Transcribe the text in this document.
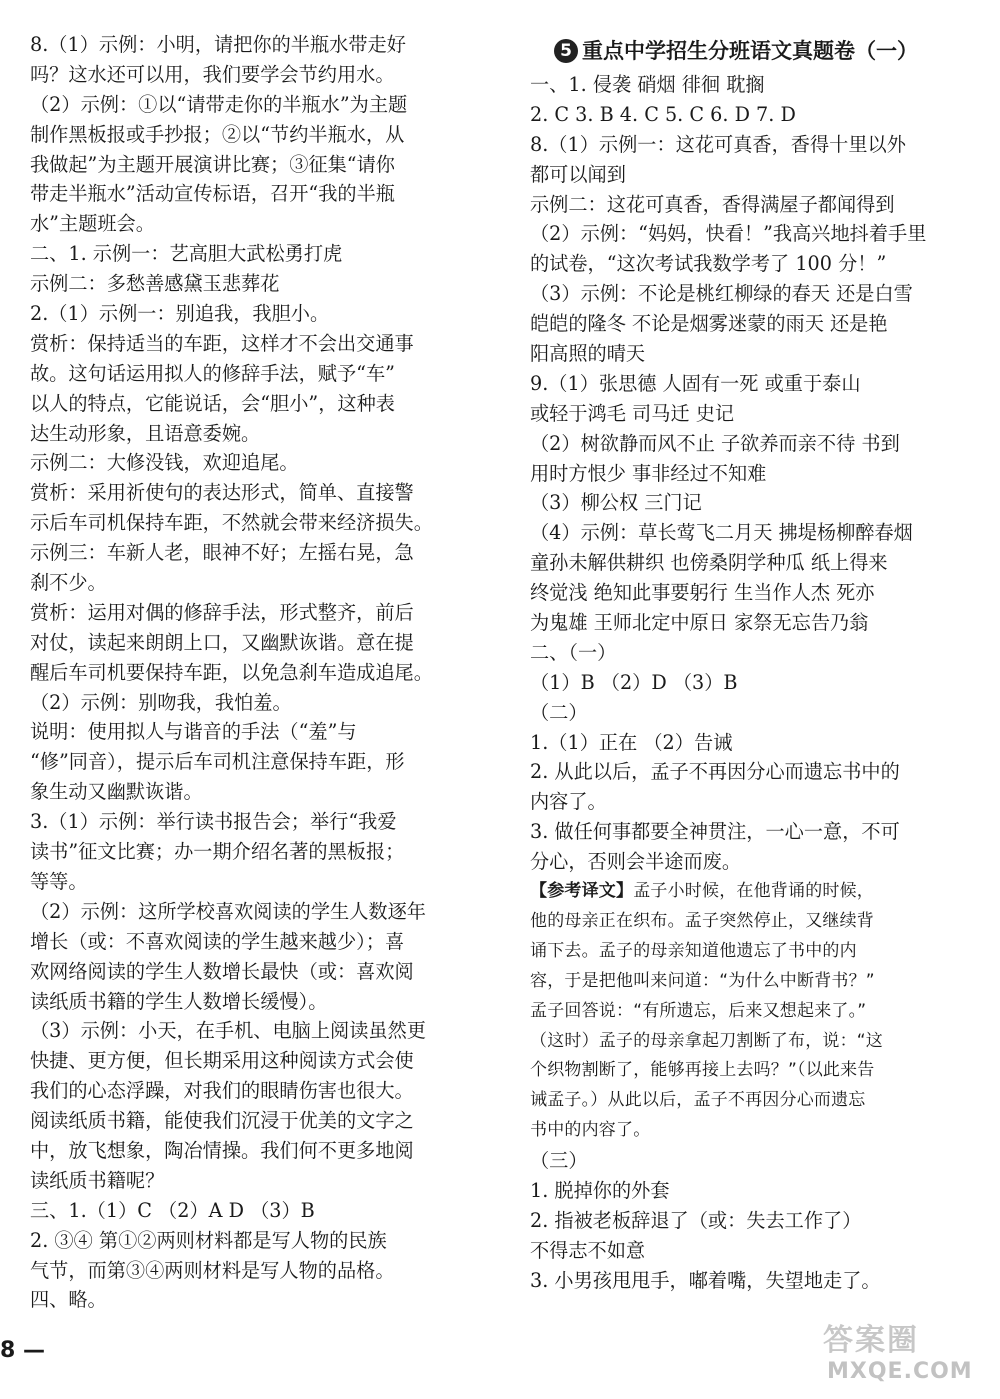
8.（1）示例：小明，请把你的半瓶水带走好
吗？这水还可以用，我们要学会节约用水。
（2）示例：①以“请带走你的半瓶水”为主题
制作黑板报或手抄报；②以“节约半瓶水，从
我做起”为主题开展演讲比赛；③征集“请你
带走半瓶水”活动宣传标语，召开“我的半瓶
水”主题班会。
二、1. 示例一：艺高胆大武松勇打虎
示例二：多愁善感黛玉悲葬花
2.（1）示例一：别追我，我胆小。
赏析：保持适当的车距，这样才不会出交通事
故。这句话运用拟人的修辞手法，赋予“车”
以人的特点，它能说话，会“胆小”，这种表
达生动形象，且语意委婉。
示例二：大修没钱，欢迎追尾。
赏析：采用祈使句的表达形式，简单、直接警
示后车司机保持车距，不然就会带来经济损失。
示例三：车新人老，眼神不好；左摇右晃，急
刹不少。
赏析：运用对偶的修辞手法，形式整齐，前后
对仗，读起来朗朗上口，又幽默诙谐。意在提
醒后车司机要保持车距，以免急刹车造成追尾。
（2）示例：别吻我，我怕羞。
说明：使用拟人与谐音的手法（“羞”与
“修”同音），提示后车司机注意保持车距，形
象生动又幽默诙谐。
3.（1）示例：举行读书报告会；举行“我爱
读书”征文比赛；办一期介绍名著的黑板报；
等等。
（2）示例：这所学校喜欢阅读的学生人数逐年
增长（或：不喜欢阅读的学生越来越少）；喜
欢网络阅读的学生人数增长最快（或：喜欢阅
读纸质书籍的学生人数增长缓慢）。
（3）示例：小天，在手机、电脑上阅读虽然更
快捷、更方便，但长期采用这种阅读方式会使
我们的心态浮躁，对我们的眼睛伤害也很大。
阅读纸质书籍，能使我们沉浸于优美的文字之
中，放飞想象，陶冶情操。我们何不更多地阅
读纸质书籍呢？
三、1.（1）C （2）A D （3）B
2. ③④ 第①②两则材料都是写人物的民族
气节，而第③④两则材料是写人物的品格。
四、略。
5 重点中学招生分班语文真题卷（一）
一、1. 侵袭 硝烟 徘徊 耽搁
2. C 3. B 4. C 5. C 6. D 7. D
8.（1）示例一：这花可真香，香得十里以外
都可以闻到
示例二：这花可真香，香得满屋子都闻得到
（2）示例：“妈妈，快看！”我高兴地抖着手里
的试卷，“这次考试我数学考了 100 分！”
（3）示例：不论是桃红柳绿的春天 还是白雪
皑皑的隆冬 不论是烟雾迷蒙的雨天 还是艳
阳高照的晴天
9.（1）张思德 人固有一死 或重于泰山
或轻于鸿毛 司马迁 史记
（2）树欲静而风不止 子欲养而亲不待 书到
用时方恨少 事非经过不知难
（3）柳公权 三门记
（4）示例：草长莺飞二月天 拂堤杨柳醉春烟
童孙未解供耕织 也傍桑阴学种瓜 纸上得来
终觉浅 绝知此事要躬行 生当作人杰 死亦
为鬼雄 王师北定中原日 家祭无忘告乃翁
二、（一）
（1）B （2）D （3）B
（二）
1.（1）正在 （2）告诫
2. 从此以后，孟子不再因分心而遗忘书中的
内容了。
3. 做任何事都要全神贯注，一心一意，不可
分心，否则会半途而废。
【参考译文】孟子小时候，在他背诵的时候，
他的母亲正在织布。孟子突然停止，又继续背
诵下去。孟子的母亲知道他遗忘了书中的内
容，于是把他叫来问道：“为什么中断背书？”
孟子回答说：“有所遗忘，后来又想起来了。”
（这时）孟子的母亲拿起刀割断了布，说：“这
个织物割断了，能够再接上去吗？”（以此来告
诫孟子。）从此以后，孟子不再因分心而遗忘
书中的内容了。
（三）
1. 脱掉你的外套
2. 指被老板辞退了（或：失去工作了）
不得志不如意
3. 小男孩甩甩手，嘟着嘴，失望地走了。
8 —	答案圈
MXQE.COM
